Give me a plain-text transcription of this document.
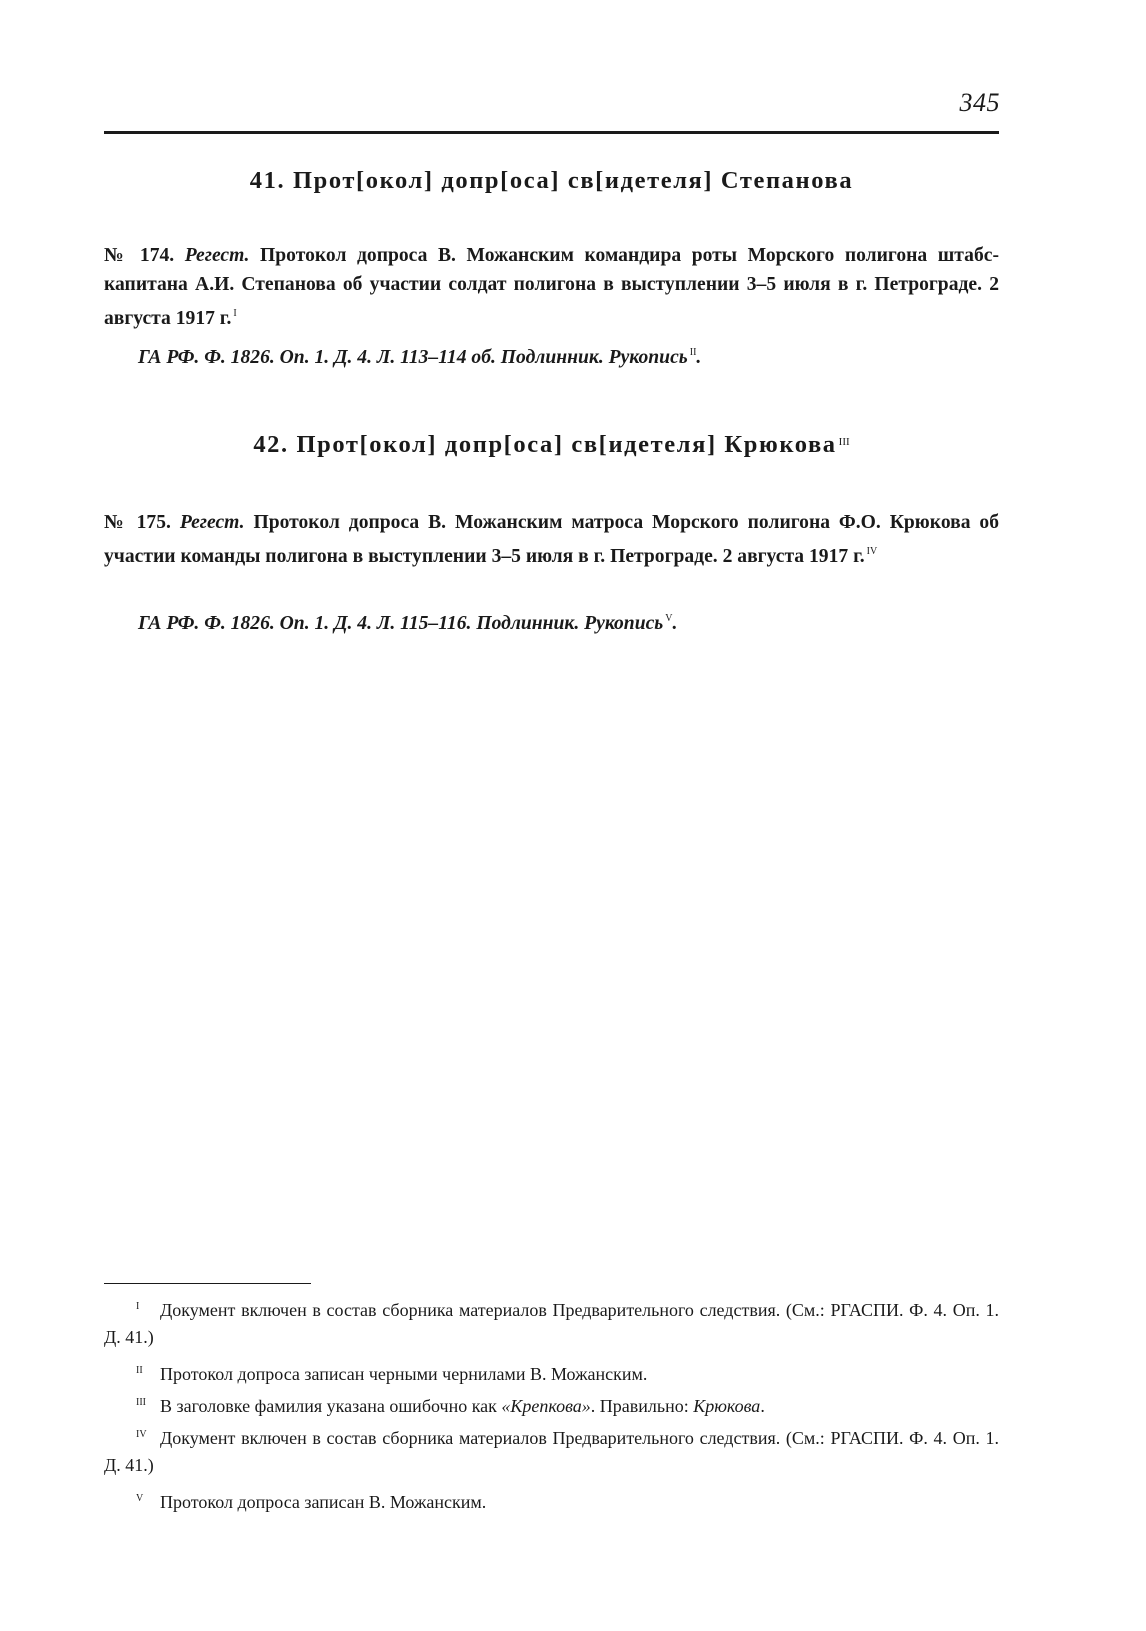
345
41. Прот[окол] допр[оса] св[идетеля] Степанова
№ 174. Регест. Протокол допроса В. Можанским командира роты Морского полигона штабс-капитана А.И. Степанова об участии солдат полигона в выступлении 3–5 июля в г. Петрограде. 2 августа 1917 г. $^I$
ГА РФ. Ф. 1826. Оп. 1. Д. 4. Л. 113–114 об. Подлинник. Рукопись $^{II}$.
42. Прот[окол] допр[оса] св[идетеля] Крюкова $^{III}$
№ 175. Регест. Протокол допроса В. Можанским матроса Морского полигона Ф.О. Крюкова об участии команды полигона в выступлении 3–5 июля в г. Петрограде. 2 августа 1917 г. $^{IV}$
ГА РФ. Ф. 1826. Оп. 1. Д. 4. Л. 115–116. Подлинник. Рукопись $^V$.
I Документ включен в состав сборника материалов Предварительного следствия. (См.: РГАСПИ. Ф. 4. Оп. 1. Д. 41.)
II Протокол допроса записан черными чернилами В. Можанским.
III В заголовке фамилия указана ошибочно как «Крепкова». Правильно: Крюкова.
IV Документ включен в состав сборника материалов Предварительного следствия. (См.: РГАСПИ. Ф. 4. Оп. 1. Д. 41.)
V Протокол допроса записан В. Можанским.
